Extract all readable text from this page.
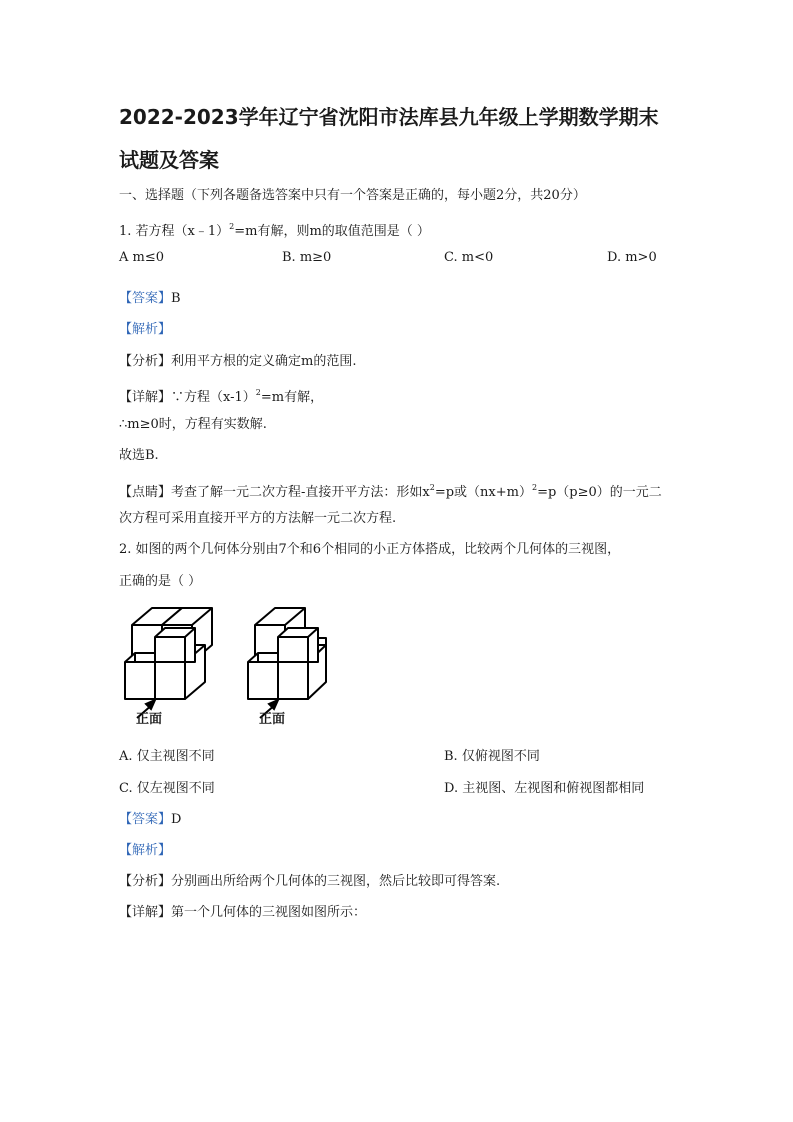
2022-2023学年辽宁省沈阳市法库县九年级上学期数学期末
试题及答案
一、选择题（下列各题备选答案中只有一个答案是正确的，每小题2分，共20分）
1. 若方程（x﹣1）$^2$=m有解，则m的取值范围是（ ）
A m≤0	B. m≥0	C. m<0	D. m>0
【答案】B
【解析】
【分析】利用平方根的定义确定m的范围.
【详解】∵方程$(x-1)^2=m$有解，
∴m≥0时，方程有实数解.
故选B.
【点睛】考查了解一元二次方程-直接开平方法：形如$x^2=p$或$(nx+m)^2=p(p\ge 0)$的一元二
次方程可采用直接开平方的方法解一元二次方程.
2. 如图的两个几何体分别由7个和6个相同的小正方体搭成，比较两个几何体的三视图，
正确的是（ ）
正面	正面
A. 仅主视图不同	B. 仅俯视图不同
C. 仅左视图不同	D. 主视图、左视图和俯视图都相同
【答案】D
【解析】
【分析】分别画出所给两个几何体的三视图，然后比较即可得答案.
【详解】第一个几何体的三视图如图所示：
